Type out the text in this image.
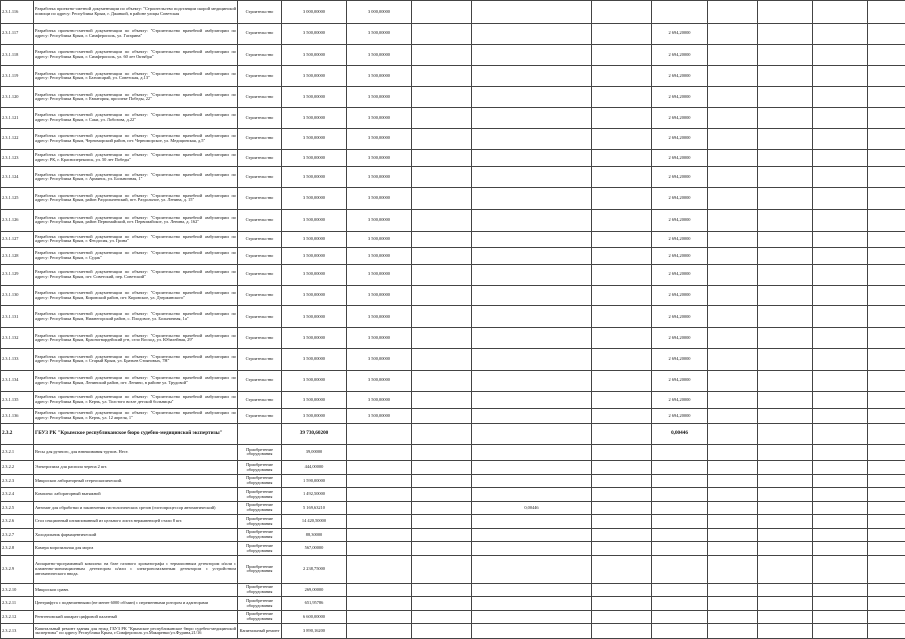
2.3.1.116	Разработка проектно-сметной документации по объекту: "Строительство подстанции скорой медицинской помощи по адресу: Республика Крым, г. Джанкой, в районе улицы Советская	Строительство	3 000,00000	3 000,00000								
2.3.1.117	Разработка проектно-сметной документации по объекту: "Строительство врачебной амбулатории по адресу: Республика Крым, г. Симферополь, ул. Гагарина"	Строительство	3 500,00000	3 500,00000				2 694,20000				
2.3.1.118	Разработка проектно-сметной документации по объекту: "Строительство врачебной амбулатории по адресу: Республика Крым, г. Симферополь, ул. 60 лет Октября"	Строительство	3 500,00000	3 500,00000				2 694,20000				
2.3.1.119	Разработка проектно-сметной документации по объекту: "Строительство врачебной амбулатории по адресу: Республика Крым, г. Бахчисарай, ул. Советская, д.13"	Строительство	3 500,00000	3 500,00000				2 694,20000				
2.3.1.120	Разработка проектно-сметной документации по объекту: "Строительство врачебной амбулатории по адресу: Республика Крым, г. Евпатория, проспект Победы, 22"	Строительство	3 500,00000	3 500,00000				2 694,20000				
2.3.1.121	Разработка проектно-сметной документации по объекту: "Строительство врачебной амбулатории по адресу: Республика Крым, г. Саки, ул. Лобозова, д.22"	Строительство	3 500,00000	3 500,00000				2 694,20000				
2.3.1.122	Разработка проектно-сметной документации по объекту: "Строительство врачебной амбулатории по адресу: Республика Крым, Черноморский район, пгт. Черноморское, ул. Медицинская, д.5"	Строительство	3 500,00000	3 500,00000				2 694,20000				
2.3.1.123	Разработка проектно-сметной документации по объекту: "Строительство врачебной амбулатории по адресу: РК, г. Красноперекопск, ул. 50 лет Победы"	Строительство	3 500,00000	3 500,00000				2 694,20000				
2.3.1.124	Разработка проектно-сметной документации по объекту: "Строительство врачебной амбулатории по адресу: Республика Крым, г. Армянск, ул. Больничная, 1"	Строительство	3 500,00000	3 500,00000				2 694,20000				
2.3.1.125	Разработка проектно-сметной документации по объекту: "Строительство врачебной амбулатории по адресу: Республика Крым, район Раздольненский, пгт. Раздольное, ул. Ленина, д. 15"	Строительство	3 500,00000	3 500,00000				2 694,20000				
2.3.1.126	Разработка проектно-сметной документации по объекту: "Строительство врачебной амбулатории по адресу: Республика Крым, район Первомайский, пгт. Первомайское, ул. Ленина, д. 162"	Строительство	3 500,00000	3 500,00000				2 694,20000				
2.3.1.127	Разработка проектно-сметной документации по объекту: "Строительство врачебной амбулатории по адресу: Республика Крым, г. Феодосия, ул. Грина"	Строительство	3 500,00000	3 500,00000				2 694,20000				
2.3.1.128	Разработка проектно-сметной документации по объекту: "Строительство врачебной амбулатории по адресу: Республика Крым, г. Судак"	Строительство	3 500,00000	3 500,00000				2 694,20000				
2.3.1.129	Разработка проектно-сметной документации по объекту: "Строительство врачебной амбулатории по адресу: Республика Крым, пгт. Советский, пер. Советский"	Строительство	3 500,00000	3 500,00000				2 694,20000				
2.3.1.130	Разработка проектно-сметной документации по объекту: "Строительство врачебной амбулатории по адресу: Республика Крым, Кировский район, пгт. Кировское, ул. Дзержинского"	Строительство	3 500,00000	3 500,00000				2 694,20000				
2.3.1.131	Разработка проектно-сметной документации по объекту: "Строительство врачебной амбулатории по адресу: Республика Крым, Нижнегорский район, с. Плодовое, ул. Больничная, 1а"	Строительство	3 500,00000	3 500,00000				2 694,20000				
2.3.1.132	Разработка проектно-сметной документации по объекту: "Строительство врачебной амбулатории по адресу: Республика Крым, Красногвардейский р-н, село Восход, ул. Юбилейная, 29"	Строительство	3 500,00000	3 500,00000				2 694,20000				
2.3.1.133	Разработка проектно-сметной документации по объекту: "Строительство врачебной амбулатории по адресу: Республика Крым, г. Старый Крым, ул. Братьев Стояновых, 7Н"	Строительство	3 500,00000	3 500,00000				2 694,20000				
2.3.1.134	Разработка проектно-сметной документации по объекту: "Строительство врачебной амбулатории по адресу: Республика Крым, Ленинский район, пгт. Ленино, в районе ул. Трудовой"	Строительство	3 500,00000	3 500,00000				2 694,20000				
2.3.1.135	Разработка проектно-сметной документации по объекту: "Строительство врачебной амбулатории по адресу: Республика Крым, г. Керчь, ул. Толстого возле детской больницы"	Строительство	3 500,00000	3 500,00000				2 694,20000				
2.3.1.136	Разработка проектно-сметной документации по объекту: "Строительство врачебной амбулатории по адресу: Республика Крым, г. Керчь, ул. 12 апреля, 1"	Строительство	3 500,00000	3 500,00000				2 694,20000				
2.3.2	ГБУЗ РК "Крымское республиканское бюро судебно-медицинской экспертизы"		39 730,60200					0,00446				
2.3.2.1	Весы для ручного, для взвешивания трупов. Нест.	Приобретение оборудования	39,00000									
2.3.2.2	Электропила для распила черепа 2 шт.	Приобретение оборудования	444,00000									
2.3.2.3	Микроскоп лабораторный стереоскопический.	Приобретение оборудования	1 590,00000									
2.3.2.4	Комплекс лабораторный вытяжной	Приобретение оборудования	1 492,50000									
2.3.2.5	Автомат для обработки и заключения гистологических срезов (гистопроцессор автоматический)	Приобретение оборудования	5 169,63210			0,00446						
2.3.2.6	Стол секционный штампованный из цельного листа нержавеющей стали 8 шт.	Приобретение оборудования	14 420,50000									
2.3.2.7	Холодильник фармацевтический	Приобретение оборудования	88,30000									
2.3.2.8	Камера морозильная для морга	Приобретение оборудования	567,00000									
2.3.2.9	Аппаратно-программный комплекс на базе газового хроматографа с термоионным детектором и/или с пламенно-ионизационным детектором и/или с электронозахватным детектором с устройством автоматического ввода.	Приобретение оборудования	2 238,75000									
2.3.2.10	Микроскоп сравн.	Приобретение оборудования	269,00000									
2.3.2.11	Центрифуга с подвешенными (не менее 6000 об/мин) с переменными ротором и адапторами	Приобретение оборудования	651,95786									
2.3.2.12	Рентгеновский аппарат цифровой палатный	Приобретение оборудования	6 600,00000									
2.3.2.13	Капитальный ремонт здания для нужд ГБУЗ РК "Крымское республиканское бюро судебно-медицинской экспертизы" по адресу Республика Крым, г.Симферополь ул.Макаренко/ул.Фурина,21/16	Капитальный ремонт	3 890,16200									
